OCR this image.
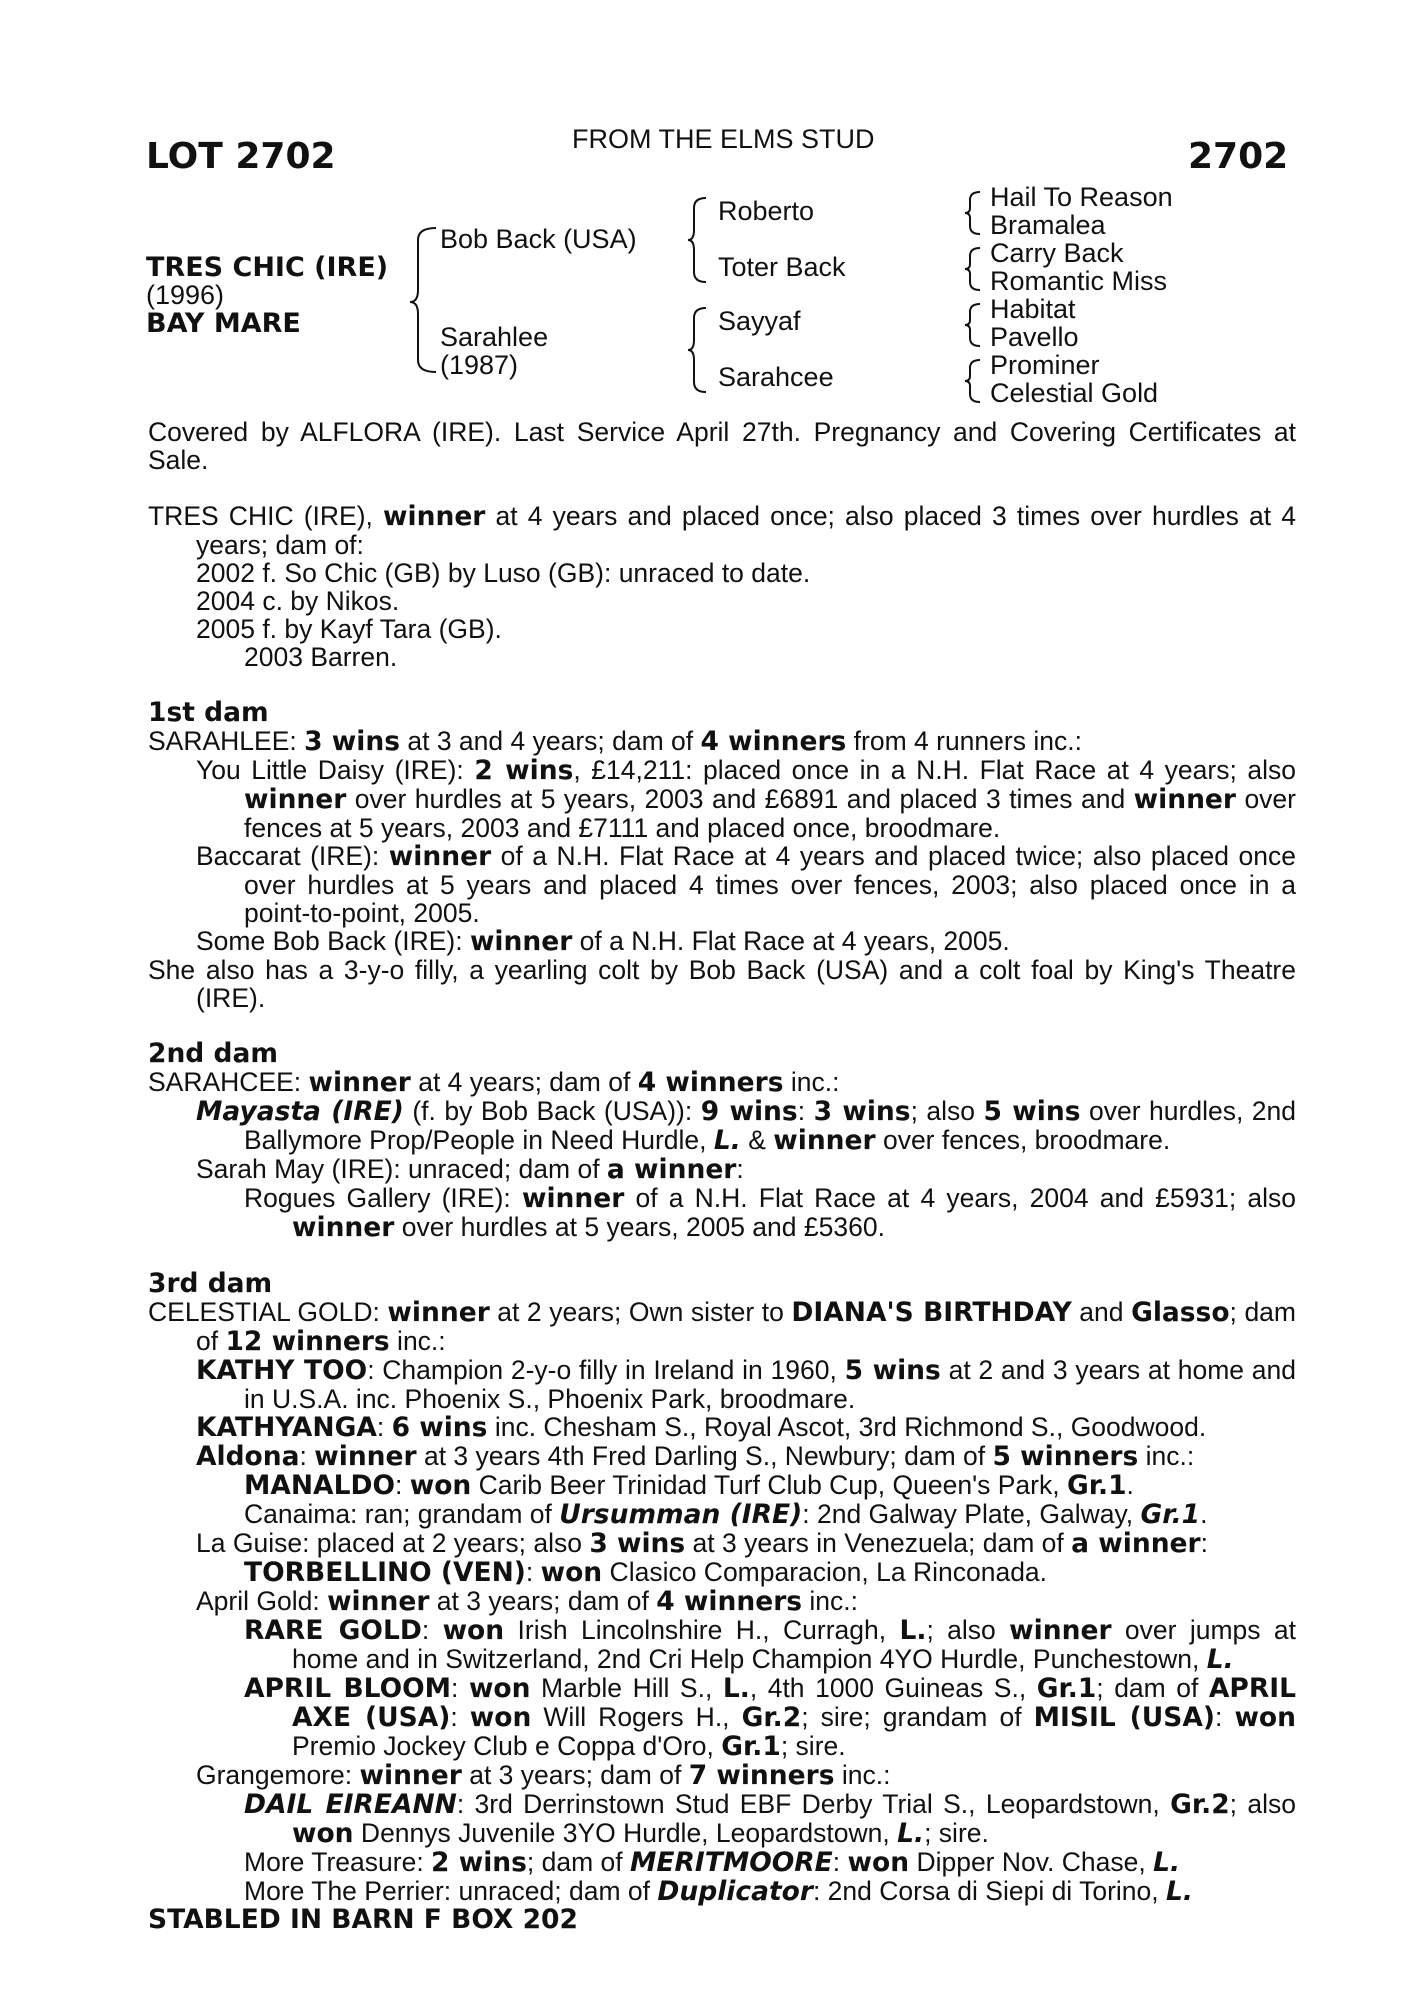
LOT 2702	FROM THE ELMS STUD	2702
TRES CHIC (IRE)
(1996)
BAY MARE
Bob Back (USA)
Sarahlee
(1987)
Roberto
Toter Back
Sayyaf
Sarahcee
Hail To Reason
Bramalea
Carry Back
Romantic Miss
Habitat
Pavello
Prominer
Celestial Gold

Covered by ALFLORA (IRE). Last Service April 27th. Pregnancy and Covering Certificates at Sale.

TRES CHIC (IRE), winner at 4 years and placed once; also placed 3 times over hurdles at 4 years; dam of:

2002 f. So Chic (GB) by Luso (GB): unraced to date.

2004 c. by Nikos.

2005 f. by Kayf Tara (GB).

2003 Barren.

1st dam

SARAHLEE: 3 wins at 3 and 4 years; dam of 4 winners from 4 runners inc.:

You Little Daisy (IRE): 2 wins, £14,211: placed once in a N.H. Flat Race at 4 years; also winner over hurdles at 5 years, 2003 and £6891 and placed 3 times and winner over fences at 5 years, 2003 and £7111 and placed once, broodmare.

Baccarat (IRE): winner of a N.H. Flat Race at 4 years and placed twice; also placed once over hurdles at 5 years and placed 4 times over fences, 2003; also placed once in a point-to-point, 2005.

Some Bob Back (IRE): winner of a N.H. Flat Race at 4 years, 2005.

She also has a 3-y-o filly, a yearling colt by Bob Back (USA) and a colt foal by King's Theatre (IRE).

2nd dam

SARAHCEE: winner at 4 years; dam of 4 winners inc.:

Mayasta (IRE) (f. by Bob Back (USA)): 9 wins: 3 wins; also 5 wins over hurdles, 2nd Ballymore Prop/People in Need Hurdle, L. & winner over fences, broodmare.

Sarah May (IRE): unraced; dam of a winner:

Rogues Gallery (IRE): winner of a N.H. Flat Race at 4 years, 2004 and £5931; also winner over hurdles at 5 years, 2005 and £5360.

3rd dam

CELESTIAL GOLD: winner at 2 years; Own sister to DIANA'S BIRTHDAY and Glasso; dam of 12 winners inc.:

KATHY TOO: Champion 2-y-o filly in Ireland in 1960, 5 wins at 2 and 3 years at home and in U.S.A. inc. Phoenix S., Phoenix Park, broodmare.

KATHYANGA: 6 wins inc. Chesham S., Royal Ascot, 3rd Richmond S., Goodwood.

Aldona: winner at 3 years 4th Fred Darling S., Newbury; dam of 5 winners inc.:

MANALDO: won Carib Beer Trinidad Turf Club Cup, Queen's Park, Gr.1.

Canaima: ran; grandam of Ursumman (IRE): 2nd Galway Plate, Galway, Gr.1.

La Guise: placed at 2 years; also 3 wins at 3 years in Venezuela; dam of a winner:

TORBELLINO (VEN): won Clasico Comparacion, La Rinconada.

April Gold: winner at 3 years; dam of 4 winners inc.:

RARE GOLD: won Irish Lincolnshire H., Curragh, L.; also winner over jumps at home and in Switzerland, 2nd Cri Help Champion 4YO Hurdle, Punchestown, L.

APRIL BLOOM: won Marble Hill S., L., 4th 1000 Guineas S., Gr.1; dam of APRIL AXE (USA): won Will Rogers H., Gr.2; sire; grandam of MISIL (USA): won Premio Jockey Club e Coppa d'Oro, Gr.1; sire.

Grangemore: winner at 3 years; dam of 7 winners inc.:

DAIL EIREANN: 3rd Derrinstown Stud EBF Derby Trial S., Leopardstown, Gr.2; also won Dennys Juvenile 3YO Hurdle, Leopardstown, L.; sire.

More Treasure: 2 wins; dam of MERITMOORE: won Dipper Nov. Chase, L.

More The Perrier: unraced; dam of Duplicator: 2nd Corsa di Siepi di Torino, L.

STABLED IN BARN F BOX 202
